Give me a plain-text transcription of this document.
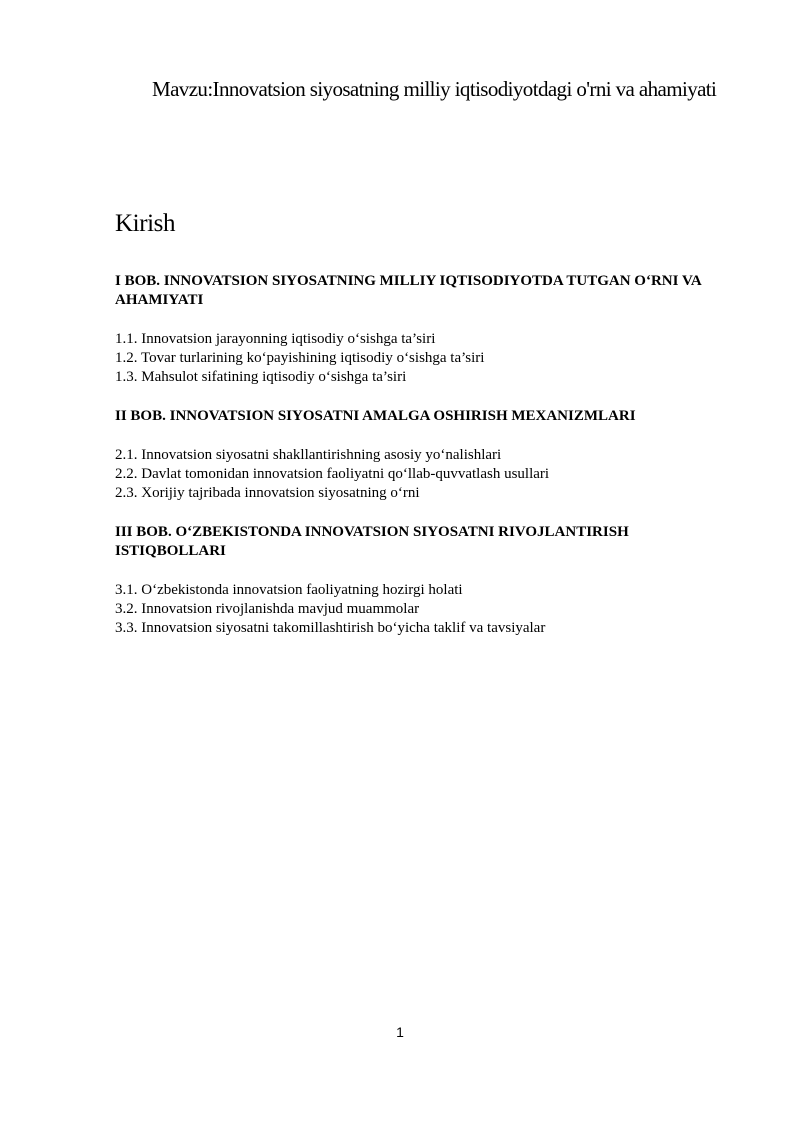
Mavzu:Innovatsion siyosatning milliy iqtisodiyotdagi o'rni va ahamiyati
Kirish

I BOB. INNOVATSION SIYOSATNING MILLIY IQTISODIYOTDA TUTGAN O‘RNI VA AHAMIYATI

1.1. Innovatsion jarayonning iqtisodiy o‘sishga ta’siri

1.2. Tovar turlarining ko‘payishining iqtisodiy o‘sishga ta’siri

1.3. Mahsulot sifatining iqtisodiy o‘sishga ta’siri

II BOB. INNOVATSION SIYOSATNI AMALGA OSHIRISH MEXANIZMLARI

2.1. Innovatsion siyosatni shakllantirishning asosiy yo‘nalishlari

2.2. Davlat tomonidan innovatsion faoliyatni qo‘llab-quvvatlash usullari

2.3. Xorijiy tajribada innovatsion siyosatning o‘rni

III BOB. O‘ZBEKISTONDA INNOVATSION SIYOSATNI RIVOJLANTIRISH ISTIQBOLLARI

3.1. O‘zbekistonda innovatsion faoliyatning hozirgi holati

3.2. Innovatsion rivojlanishda mavjud muammolar

3.3. Innovatsion siyosatni takomillashtirish bo‘yicha taklif va tavsiyalar

1
